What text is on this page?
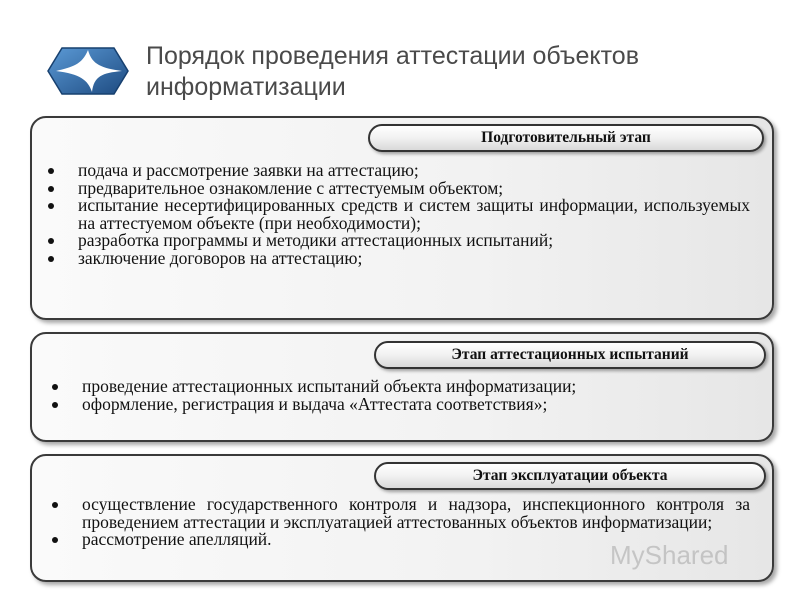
Порядок проведения аттестации объектов
информатизации
Подготовительный этап
подача и рассмотрение заявки на аттестацию;
предварительное ознакомление с аттестуемым объектом;
испытание несертифицированных средств и систем защиты информации, используемых на аттестуемом объекте (при необходимости);
разработка программы и методики аттестационных испытаний;
заключение договоров на аттестацию;
Этап аттестационных испытаний
проведение аттестационных испытаний объекта информатизации;
оформление, регистрация и выдача «Аттестата соответствия»;
Этап эксплуатации объекта
осуществление государственного контроля и надзора, инспекционного контроля за проведением аттестации и эксплуатацией аттестованных объектов информатизации;
рассмотрение апелляций.
MyShared
